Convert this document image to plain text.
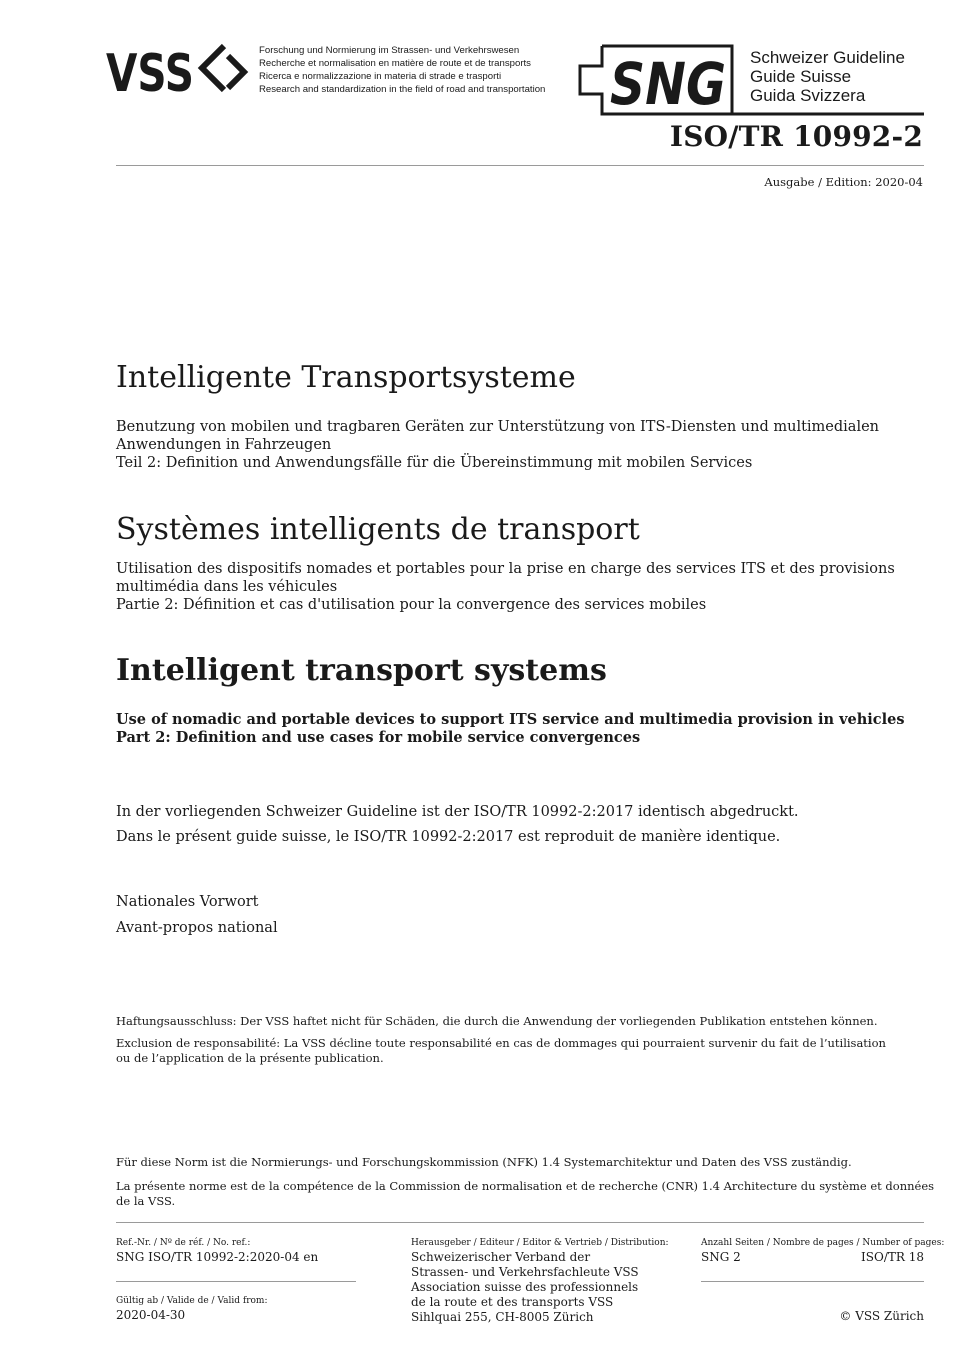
VSS	Forschung und Normierung im Strassen- und Verkehrswesen
Recherche et normalisation en matière de route et de transports
Ricerca e normalizzazione in materia di strade e trasporti
Research and standardization in the field of road and transportation SNG Schweizer Guideline
Guide Suisse
Guida Svizzera
ISO/TR 10992-2
Ausgabe / Edition: 2020-04
Intelligente Transportsysteme
Benutzung von mobilen und tragbaren Geräten zur Unterstützung von ITS-Diensten und multimedialen
Anwendungen in Fahrzeugen
Teil 2: Definition und Anwendungsfälle für die Übereinstimmung mit mobilen Services
Systèmes intelligents de transport
Utilisation des dispositifs nomades et portables pour la prise en charge des services ITS et des provisions
multimédia dans les véhicules
Partie 2: Définition et cas d'utilisation pour la convergence des services mobiles
Intelligent transport systems
Use of nomadic and portable devices to support ITS service and multimedia provision in vehicles
Part 2: Definition and use cases for mobile service convergences
In der vorliegenden Schweizer Guideline ist der ISO/TR 10992-2:2017 identisch abgedruckt.
Dans le présent guide suisse, le ISO/TR 10992-2:2017 est reproduit de manière identique.
Nationales Vorwort
Avant-propos national
Haftungsausschluss: Der VSS haftet nicht für Schäden, die durch die Anwendung der vorliegenden Publikation entstehen können.
Exclusion de responsabilité: La VSS décline toute responsabilité en cas de dommages qui pourraient survenir du fait de l’utilisation
ou de l’application de la présente publication.
Für diese Norm ist die Normierungs- und Forschungskommission (NFK) 1.4 Systemarchitektur und Daten des VSS zuständig.
La présente norme est de la compétence de la Commission de normalisation et de recherche (CNR) 1.4 Architecture du système et données
de la VSS.
Ref.-Nr. / Nº de réf. / No. ref.:
SNG ISO/TR 10992-2:2020-04 en
Gültig ab / Valide de / Valid from:
2020-04-30
Herausgeber / Editeur / Editor & Vertrieb / Distribution:
Schweizerischer Verband der
Strassen- und Verkehrsfachleute VSS
Association suisse des professionnels
de la route et des transports VSS
Sihlquai 255, CH-8005 Zürich
Anzahl Seiten / Nombre de pages / Number of pages:
SNG 2	ISO/TR 18
© VSS Zürich
